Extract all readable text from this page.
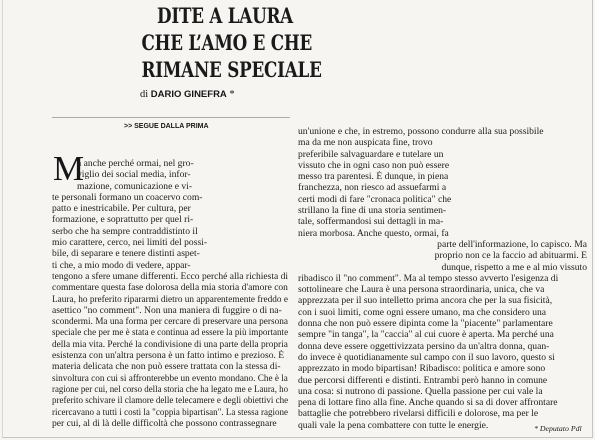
DITE A LAURA
CHE L’AMO E CHE
RIMANE SPECIALE
di DARIO GINEFRA *
>> SEGUE DALLA PRIMA
M
a anche perché ormai, nel gro-
viglio dei social media, infor-
mazione, comunicazione e vi-
te personali formano un coacervo com-
patto e inestricabile. Per cultura, per
formazione, e soprattutto per quel ri-
serbo che ha sempre contraddistinto il
mio carattere, cerco, nei limiti del possi-
bile, di separare e tenere distinti aspet-
ti che, a mio modo di vedere, appar-
tengono a sfere umane differenti. Ecco perché alla richiesta di
commentare questa fase dolorosa della mia storia d'amore con
Laura, ho preferito ripararmi dietro un apparentemente freddo e
asettico "no comment". Non una maniera di fuggire o di na-
scondermi. Ma una forma per cercare di preservare una persona
speciale che per me è stata e continua ad essere la più importante
della mia vita. Perché la condivisione di una parte della propria
esistenza con un'altra persona è un fatto intimo e prezioso. È
materia delicata che non può essere trattata con la stessa di-
sinvoltura con cui si affronterebbe un evento mondano. Che è la
ragione per cui, nel corso della storia che ha legato me e Laura, ho
preferito schivare il clamore delle telecamere e degli obiettivi che
ricercavano a tutti i costi la "coppia bipartisan". La stessa ragione
per cui, al di là delle difficoltà che possono contrassegnare
un'unione e che, in estremo, possono condurre alla sua possibile
ma da me non auspicata fine, trovo
preferibile salvaguardare e tutelare un
vissuto che in ogni caso non può essere
messo tra parentesi. È dunque, in piena
franchezza, non riesco ad assuefarmi a
certi modi di fare "cronaca politica" che
strillano la fine di una storia sentimen-
tale, soffermandosi sui dettagli in ma-
niera morbosa. Anche questo, ormai, fa
parte dell'informazione, lo capisco. Ma
proprio non ce la faccio ad abituarmi. E
dunque, rispetto a me e al mio vissuto
ribadisco il "no comment". Ma al tempo stesso avverto l'esigenza di
sottolineare che Laura è una persona straordinaria, unica, che va
apprezzata per il suo intelletto prima ancora che per la sua fisicità,
con i suoi limiti, come ogni essere umano, ma che considero una
donna che non può essere dipinta come la "piacente" parlamentare
sempre "in tanga", la "caccia" al cui cuore è aperta. Ma perché una
donna deve essere oggettivizzata persino da un'altra donna, quan-
do invece è quotidianamente sul campo con il suo lavoro, questo si
apprezzato in modo bipartisan! Ribadisco: politica e amore sono
due percorsi differenti e distinti. Entrambi però hanno in comune
una cosa: si nutrono di passione. Quella passione per cui vale la
pena di lottare fino alla fine. Anche quando si sa di dover affrontare
battaglie che potrebbero rivelarsi difficili e dolorose, ma per le
quali vale la pena combattere con tutte le energie.	* Deputato Pdl
